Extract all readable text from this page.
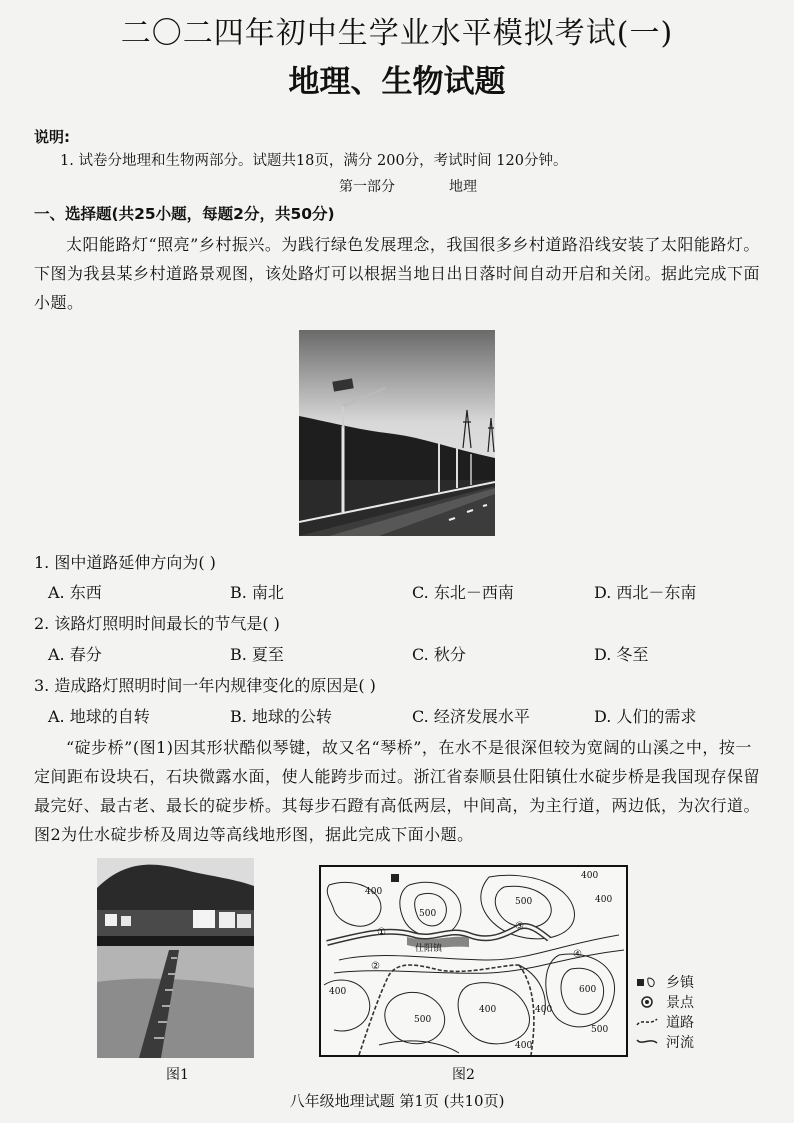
二〇二四年初中生学业水平模拟考试(一)
地理、生物试题
说明:
1. 试卷分地理和生物两部分。试题共18页，满分 200分，考试时间 120分钟。
第一部分	地理
一、选择题(共25小题，每题2分，共50分)
太阳能路灯“照亮”乡村振兴。为践行绿色发展理念，我国很多乡村道路沿线安装了太阳能路灯。下图为我县某乡村道路景观图，该处路灯可以根据当地日出日落时间自动开启和关闭。据此完成下面小题。
1. 图中道路延伸方向为( )
A. 东西	B. 南北	C. 东北－西南	D. 西北－东南
2. 该路灯照明时间最长的节气是( )
A. 春分	B. 夏至	C. 秋分	D. 冬至
3. 造成路灯照明时间一年内规律变化的原因是( )
A. 地球的自转	B. 地球的公转	C. 经济发展水平	D. 人们的需求
“碇步桥”(图1)因其形状酷似琴键，故又名“琴桥”，在水不是很深但较为宽阔的山溪之中，按一定间距布设块石，石块微露水面，使人能跨步而过。浙江省泰顺县仕阳镇仕水碇步桥是我国现存保留最完好、最古老、最长的碇步桥。其每步石蹬有高低两层，中间高，为主行道，两边低，为次行道。图2为仕水碇步桥及周边等高线地形图，据此完成下面小题。
图1
400
500
500
400
600
400
500
400	400
400
500
400
①
②
③
④
仕阳镇
图2
乡镇
景点
道路
河流
八年级地理试题 第1页 (共10页)
